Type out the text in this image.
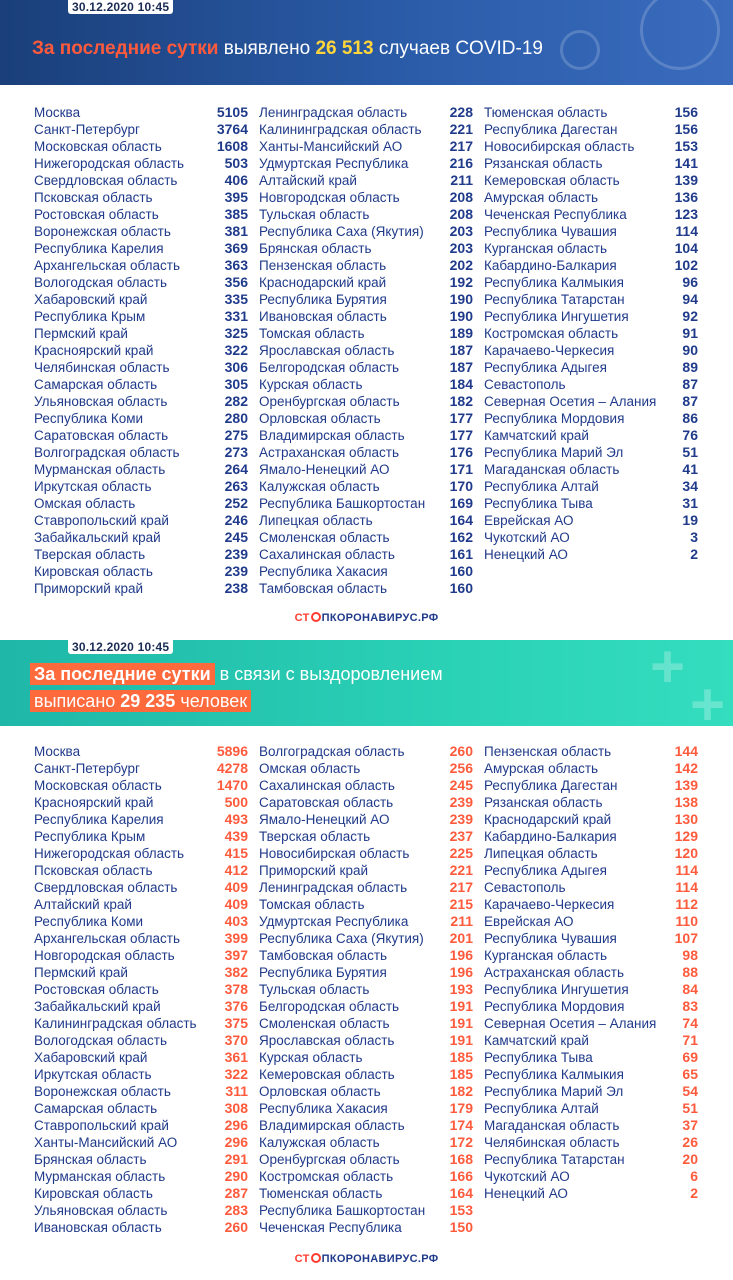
30.12.2020 10:45
За последние сутки выявлено 26 513 случаев COVID-19
Москва	5105
Санкт-Петербург	3764
Московская область	1608
Нижегородская область	503
Свердловская область	406
Псковская область	395
Ростовская область	385
Воронежская область	381
Республика Карелия	369
Архангельская область	363
Вологодская область	356
Хабаровский край	335
Республика Крым	331
Пермский край	325
Красноярский край	322
Челябинская область	306
Самарская область	305
Ульяновская область	282
Республика Коми	280
Саратовская область	275
Волгоградская область	273
Мурманская область	264
Иркутская область	263
Омская область	252
Ставропольский край	246
Забайкальский край	245
Тверская область	239
Кировская область	239
Приморский край	238
Ленинградская область	228
Калининградская область 221
Ханты-Мансийский АО	217
Удмуртская Республика	216
Алтайский край	211
Новгородская область	208
Тульская область	208
Республика Саха (Якутия) 203
Брянская область	203
Пензенская область	202
Краснодарский край	192
Республика Бурятия	190
Ивановская область	190
Томская область	189
Ярославская область	187
Белгородская область	187
Курская область	184
Оренбургская область	182
Орловская область	177
Владимирская область	177
Астраханская область	176
Ямало-Ненецкий АО	171
Калужская область	170
Республика Башкортостан 169
Липецкая область	164
Смоленская область	162
Сахалинская область	161
Республика Хакасия	160
Тамбовская область	160
Тюменская область	156
Республика Дагестан	156
Новосибирская область	153
Рязанская область	141
Кемеровская область	139
Амурская область	136
Чеченская Республика	123
Республика Чувашия	114
Курганская область	104
Кабардино-Балкария	102
Республика Калмыкия	96
Республика Татарстан	94
Республика Ингушетия	92
Костромская область	91
Карачаево-Черкесия	90
Республика Адыгея	89
Севастополь	87
Северная Осетия – Алания 87
Республика Мордовия	86
Камчатский край	76
Республика Марий Эл	51
Магаданская область	41
Республика Алтай	34
Республика Тыва	31
Еврейская АО	19
Чукотский АО	3
Ненецкий АО	2
СТ ПКОРОНАВИРУС.РФ
+
+
30.12.2020 10:45
За последние сутки в связи с выздоровлением
выписано 29 235 человек
Москва	5896
Санкт-Петербург	4278
Московская область	1470
Красноярский край	500
Республика Карелия	493
Республика Крым	439
Нижегородская область	415
Псковская область	412
Свердловская область	409
Алтайский край	409
Республика Коми	403
Архангельская область	399
Новгородская область	397
Пермский край	382
Ростовская область	378
Забайкальский край	376
Калининградская область 375
Вологодская область	370
Хабаровский край	361
Иркутская область	322
Воронежская область	311
Самарская область	308
Ставропольский край	296
Ханты-Мансийский АО	296
Брянская область	291
Мурманская область	290
Кировская область	287
Ульяновская область	283
Ивановская область	260
Волгоградская область	260
Омская область	256
Сахалинская область	245
Саратовская область	239
Ямало-Ненецкий АО	239
Тверская область	237
Новосибирская область	225
Приморский край	221
Ленинградская область	217
Томская область	215
Удмуртская Республика	211
Республика Саха (Якутия) 201
Тамбовская область	196
Республика Бурятия	196
Тульская область	193
Белгородская область	191
Смоленская область	191
Ярославская область	191
Курская область	185
Кемеровская область	185
Орловская область	182
Республика Хакасия	179
Владимирская область	174
Калужская область	172
Оренбургская область	168
Костромская область	166
Тюменская область	164
Республика Башкортостан 153
Чеченская Республика	150
Пензенская область	144
Амурская область	142
Республика Дагестан	139
Рязанская область	138
Краснодарский край	130
Кабардино-Балкария	129
Липецкая область	120
Республика Адыгея	114
Севастополь	114
Карачаево-Черкесия	112
Еврейская АО	110
Республика Чувашия	107
Курганская область	98
Астраханская область	88
Республика Ингушетия	84
Республика Мордовия	83
Северная Осетия – Алания 74
Камчатский край	71
Республика Тыва	69
Республика Калмыкия	65
Республика Марий Эл	54
Республика Алтай	51
Магаданская область	37
Челябинская область	26
Республика Татарстан	20
Чукотский АО	6
Ненецкий АО	2
СТ ПКОРОНАВИРУС.РФ
